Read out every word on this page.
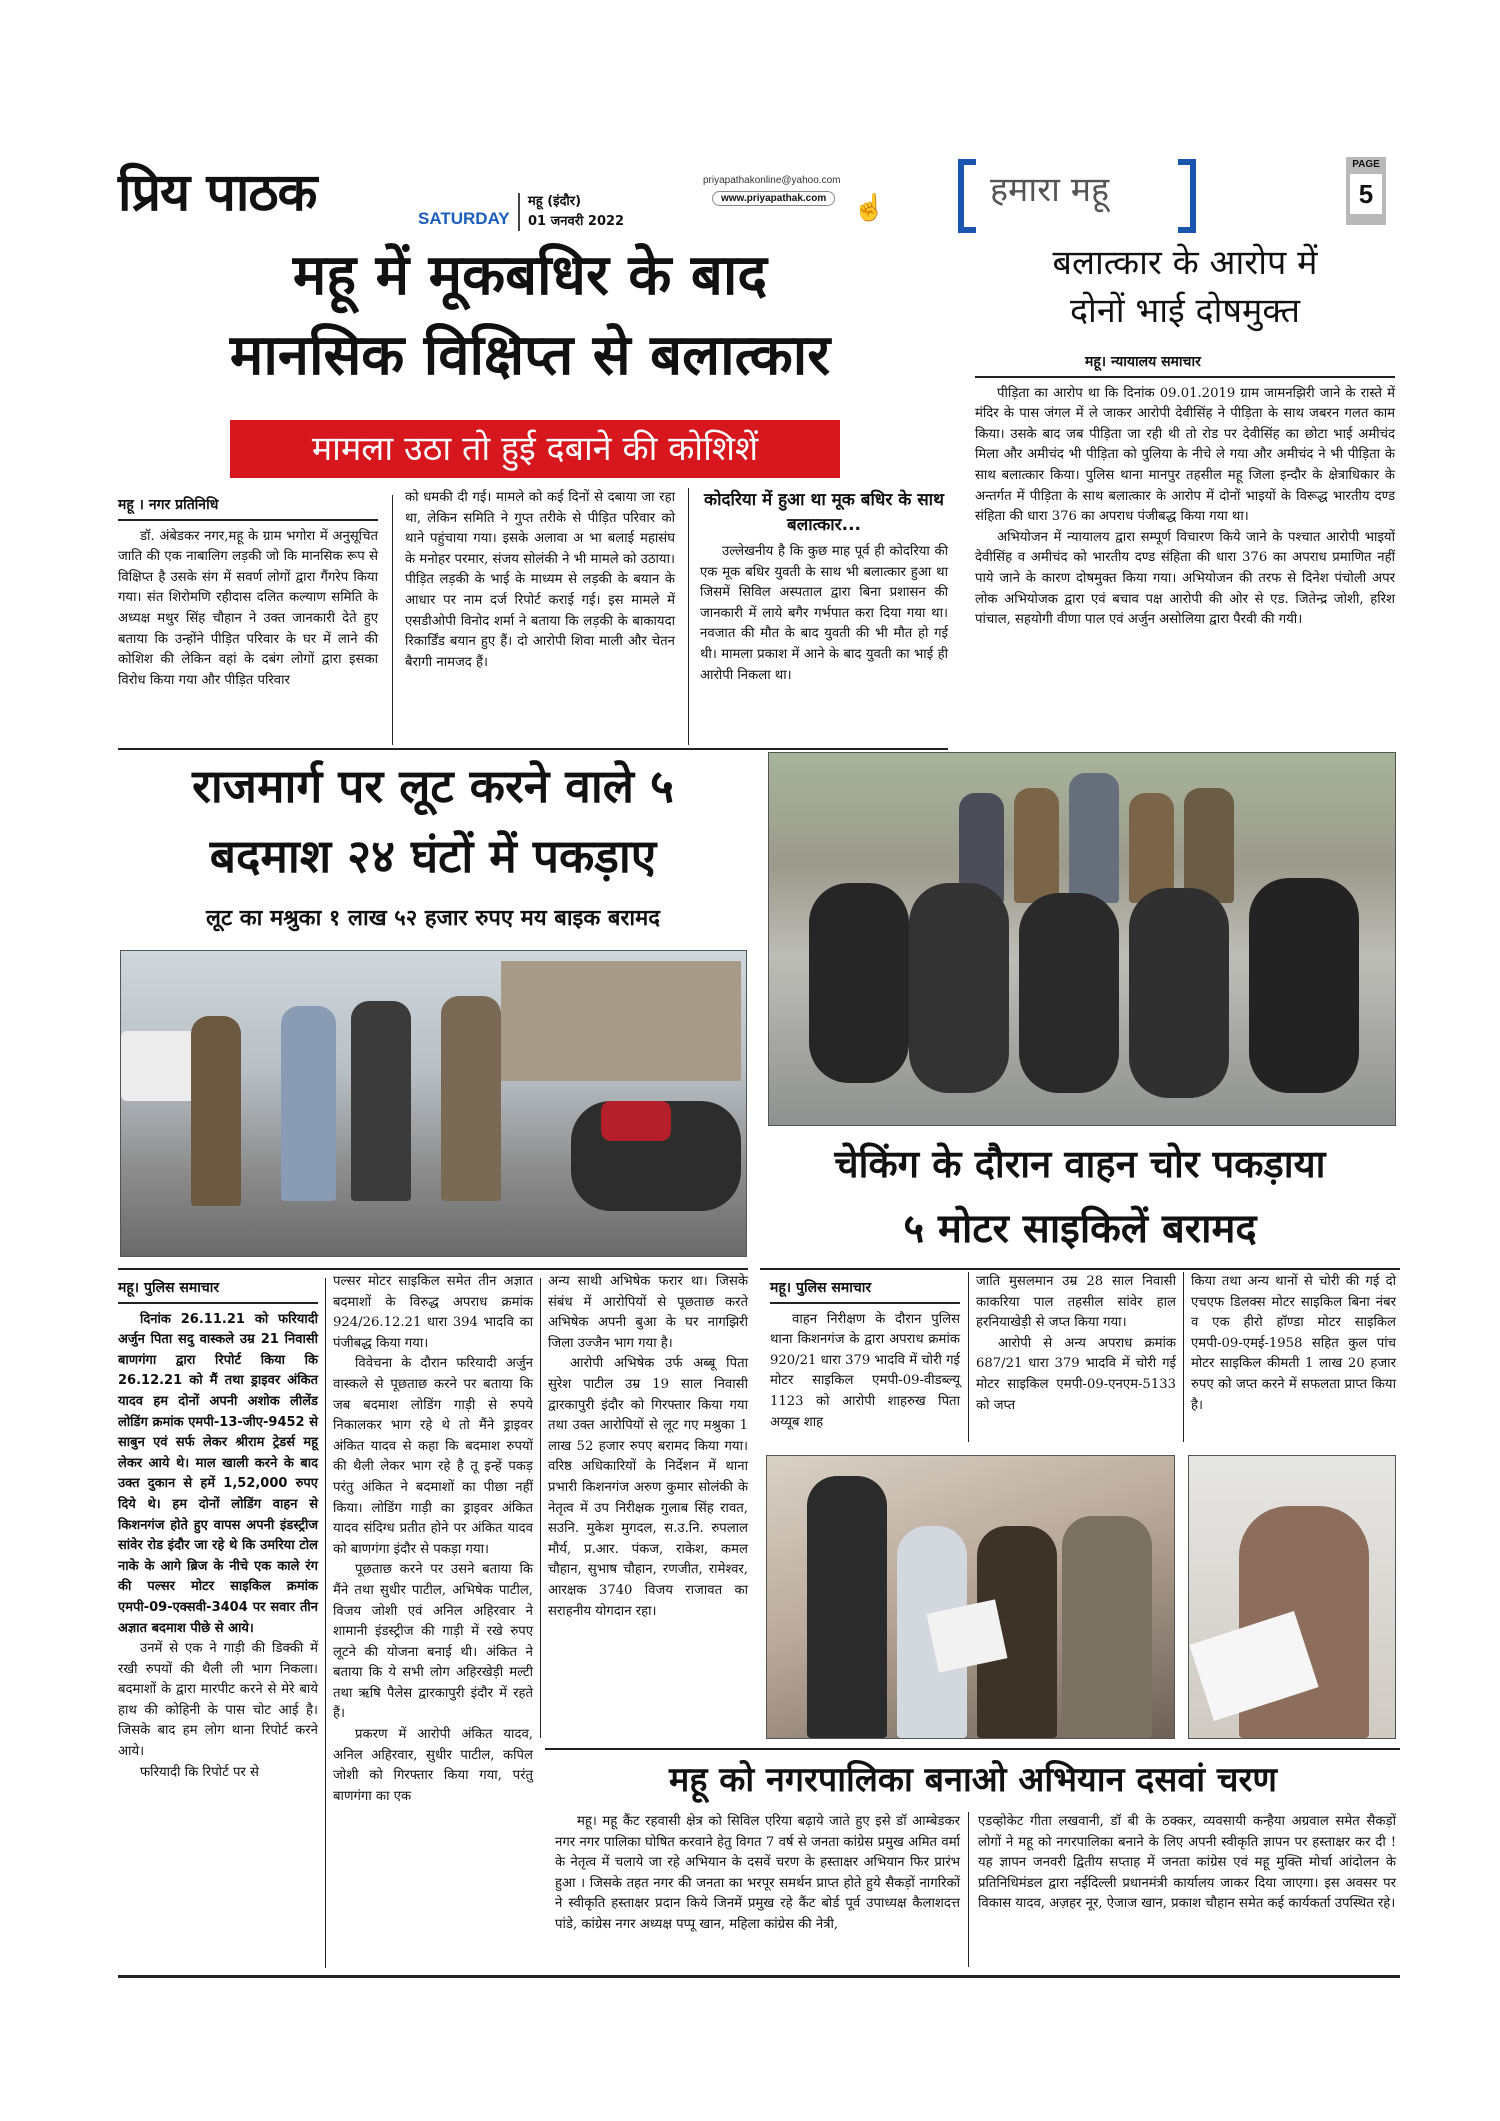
प्रिय पाठक	SATURDAY
महू (इंदौर)
01 जनवरी 2022
priyapathakonline@yahoo.com
www.priyapathak.com	☝	हमारा महू
PAGE
5
महू में मूकबधिर के बाद
मानसिक विक्षिप्त से बलात्कार
मामला उठा तो हुई दबाने की कोशिशें
महू । नगर प्रतिनिधि

डॉ. अंबेडकर नगर,महू के ग्राम भगोरा में अनुसूचित जाति की एक नाबालिग लड़की जो कि मानसिक रूप से विक्षिप्त है उसके संग में सवर्ण लोगों द्वारा गैंगरेप किया गया। संत शिरोमणि रहीदास दलित कल्याण समिति के अध्यक्ष मथुर सिंह चौहान ने उक्त जानकारी देते हुए बताया कि उन्होंने पीड़ित परिवार के घर में लाने की कोशिश की लेकिन वहां के दबंग लोगों द्वारा इसका विरोध किया गया और पीड़ित परिवार

को धमकी दी गई। मामले को कई दिनों से दबाया जा रहा था, लेकिन समिति ने गुप्त तरीके से पीड़ित परिवार को थाने पहुंचाया गया। इसके अलावा अ भा बलाई महासंघ के मनोहर परमार, संजय सोलंकी ने भी मामले को उठाया। पीड़ित लड़की के भाई के माध्यम से लड़की के बयान के आधार पर नाम दर्ज रिपोर्ट कराई गई। इस मामले में एसडीओपी विनोद शर्मा ने बताया कि लड़की के बाकायदा रिकार्डिंड बयान हुए हैं। दो आरोपी शिवा माली और चेतन बैरागी नामजद हैं।

कोदरिया में हुआ था मूक बधिर के साथ बलात्कार...

उल्लेखनीय है कि कुछ माह पूर्व ही कोदरिया की एक मूक बधिर युवती के साथ भी बलात्कार हुआ था जिसमें सिविल अस्पताल द्वारा बिना प्रशासन की जानकारी में लाये बगैर गर्भपात करा दिया गया था। नवजात की मौत के बाद युवती की भी मौत हो गई थी। मामला प्रकाश में आने के बाद युवती का भाई ही आरोपी निकला था।

बलात्कार के आरोप में
दोनों भाई दोषमुक्त
महू। न्यायालय समाचार

पीड़िता का आरोप था कि दिनांक 09.01.2019 ग्राम जामनझिरी जाने के रास्ते में मंदिर के पास जंगल में ले जाकर आरोपी देवीसिंह ने पीड़िता के साथ जबरन गलत काम किया। उसके बाद जब पीड़िता जा रही थी तो रोड पर देवीसिंह का छोटा भाई अमीचंद मिला और अमीचंद भी पीड़िता को पुलिया के नीचे ले गया और अमीचंद ने भी पीड़िता के साथ बलात्कार किया। पुलिस थाना मानपुर तहसील महू जिला इन्दौर के क्षेत्राधिकार के अन्तर्गत में पीड़िता के साथ बलात्कार के आरोप में दोनों भाइयों के विरूद्ध भारतीय दण्ड संहिता की धारा 376 का अपराध पंजीबद्ध किया गया था।

अभियोजन में न्यायालय द्वारा सम्पूर्ण विचारण किये जाने के पश्चात आरोपी भाइयों देवीसिंह व अमीचंद को भारतीय दण्ड संहिता की धारा 376 का अपराध प्रमाणित नहीं पाये जाने के कारण दोषमुक्त किया गया। अभियोजन की तरफ से दिनेश पंचोली अपर लोक अभियोजक द्वारा एवं बचाव पक्ष आरोपी की ओर से एड. जितेन्द्र जोशी, हरिश पांचाल, सहयोगी वीणा पाल एवं अर्जुन असोलिया द्वारा पैरवी की गयी।

राजमार्ग पर लूट करने वाले ५
बदमाश २४ घंटों में पकड़ाए
लूट का मश्रुका १ लाख ५२ हजार रुपए मय बाइक बरामद
महू। पुलिस समाचार

दिनांक 26.11.21 को फरियादी अर्जुन पिता सदु वास्कले उम्र 21 निवासी बाणगंगा द्वारा रिपोर्ट किया कि 26.12.21 को मैं तथा ड्राइवर अंकित यादव हम दोनों अपनी अशोक लीलेंड लोडिंग क्रमांक एमपी-13-जीए-9452 से साबुन एवं सर्फ लेकर श्रीराम ट्रेडर्स महू लेकर आये थे। माल खाली करने के बाद उक्त दुकान से हमें 1,52,000 रुपए दिये थे। हम दोनों लोडिंग वाहन से किशनगंज होते हुए वापस अपनी इंडस्ट्रीज सांवेर रोड इंदौर जा रहे थे कि उमरिया टोल नाके के आगे ब्रिज के नीचे एक काले रंग की पल्सर मोटर साइकिल क्रमांक एमपी-09-एक्सवी-3404 पर सवार तीन अज्ञात बदमाश पीछे से आये।

उनमें से एक ने गाड़ी की डिक्की में रखी रुपयों की थैली ली भाग निकला। बदमाशों के द्वारा मारपीट करने से मेरे बाये हाथ की कोहिनी के पास चोट आई है। जिसके बाद हम लोग थाना रिपोर्ट करने आये।

फरियादी कि रिपोर्ट पर से

पल्सर मोटर साइकिल समेत तीन अज्ञात बदमाशों के विरुद्ध अपराध क्रमांक 924/26.12.21 धारा 394 भादवि का पंजीबद्ध किया गया।

विवेचना के दौरान फरियादी अर्जुन वास्कले से पूछताछ करने पर बताया कि जब बदमाश लोडिंग गाड़ी से रुपये निकालकर भाग रहे थे तो मैंने ड्राइवर अंकित यादव से कहा कि बदमाश रुपयों की थैली लेकर भाग रहे है तू इन्हें पकड़ परंतु अंकित ने बदमाशों का पीछा नहीं किया। लोडिंग गाड़ी का ड्राइवर अंकित यादव संदिग्ध प्रतीत होने पर अंकित यादव को बाणगंगा इंदौर से पकड़ा गया।

पूछताछ करने पर उसने बताया कि मैंने तथा सुधीर पाटील, अभिषेक पाटील, विजय जोशी एवं अनिल अहिरवार ने शामानी इंडस्ट्रीज की गाड़ी में रखे रुपए लूटने की योजना बनाई थी। अंकित ने बताया कि ये सभी लोग अहिरखेड़ी मल्टी तथा ऋषि पैलेस द्वारकापुरी इंदौर में रहते हैं।

प्रकरण में आरोपी अंकित यादव, अनिल अहिरवार, सुधीर पाटील, कपिल जोशी को गिरफ्तार किया गया, परंतु बाणगंगा का एक

अन्य साथी अभिषेक फरार था। जिसके संबंध में आरोपियों से पूछताछ करते अभिषेक अपनी बुआ के घर नागझिरी जिला उज्जैन भाग गया है।

आरोपी अभिषेक उर्फ अब्बू पिता सुरेश पाटील उम्र 19 साल निवासी द्वारकापुरी इंदौर को गिरफ्तार किया गया तथा उक्त आरोपियों से लूट गए मश्रुका 1 लाख 52 हजार रुपए बरामद किया गया। वरिष्ठ अधिकारियों के निर्देशन में थाना प्रभारी किशनगंज अरुण कुमार सोलंकी के नेतृत्व में उप निरीक्षक गुलाब सिंह रावत, सउनि. मुकेश मुगदल, स.उ.नि. रुपलाल मौर्य, प्र.आर. पंकज, राकेश, कमल चौहान, सुभाष चौहान, रणजीत, रामेश्वर, आरक्षक 3740 विजय राजावत का सराहनीय योगदान रहा।

चेकिंग के दौरान वाहन चोर पकड़ाया
५ मोटर साइकिलें बरामद
महू। पुलिस समाचार

वाहन निरीक्षण के दौरान पुलिस थाना किशनगंज के द्वारा अपराध क्रमांक 920/21 धारा 379 भादवि में चोरी गई मोटर साइकिल एमपी-09-वीडब्ल्यू 1123 को आरोपी शाहरुख पिता अय्यूब शाह

जाति मुसलमान उम्र 28 साल निवासी काकरिया पाल तहसील सांवेर हाल हरनियाखेड़ी से जप्त किया गया।

आरोपी से अन्य अपराध क्रमांक 687/21 धारा 379 भादवि में चोरी गई मोटर साइकिल एमपी-09-एनएम-5133 को जप्त

किया तथा अन्य थानों से चोरी की गई दो एचएफ डिलक्स मोटर साइकिल बिना नंबर व एक हीरो हॉण्डा मोटर साइकिल एमपी-09-एमई-1958 सहित कुल पांच मोटर साइकिल कीमती 1 लाख 20 हजार रुपए को जप्त करने में सफलता प्राप्त किया है।

महू को नगरपालिका बनाओ अभियान दसवां चरण

महू। महू कैंट रहवासी क्षेत्र को सिविल एरिया बढ़ाये जाते हुए इसे डॉ आम्बेडकर नगर नगर पालिका घोषित करवाने हेतु विगत 7 वर्ष से जनता कांग्रेस प्रमुख अमित वर्मा के नेतृत्व में चलाये जा रहे अभियान के दसवें चरण के हस्ताक्षर अभियान फिर प्रारंभ हुआ । जिसके तहत नगर की जनता का भरपूर समर्थन प्राप्त होते हुये सैकड़ों नागरिकों ने स्वीकृति हस्ताक्षर प्रदान किये जिनमें प्रमुख रहे कैंट बोर्ड पूर्व उपाध्यक्ष कैलाशदत्त पांडे, कांग्रेस नगर अध्यक्ष पप्पू खान, महिला कांग्रेस की नेत्री,

एडव्होकेट गीता लखवानी, डॉ बी के ठक्कर, व्यवसायी कन्हैया अग्रवाल समेत सैकड़ों लोगों ने महू को नगरपालिका बनाने के लिए अपनी स्वीकृति ज्ञापन पर हस्ताक्षर कर दी ! यह ज्ञापन जनवरी द्वितीय सप्ताह में जनता कांग्रेस एवं महू मुक्ति मोर्चा आंदोलन के प्रतिनिधिमंडल द्वारा नईदिल्ली प्रधानमंत्री कार्यालय जाकर दिया जाएगा। इस अवसर पर विकास यादव, अज़हर नूर, ऐजाज खान, प्रकाश चौहान समेत कई कार्यकर्ता उपस्थित रहे।
